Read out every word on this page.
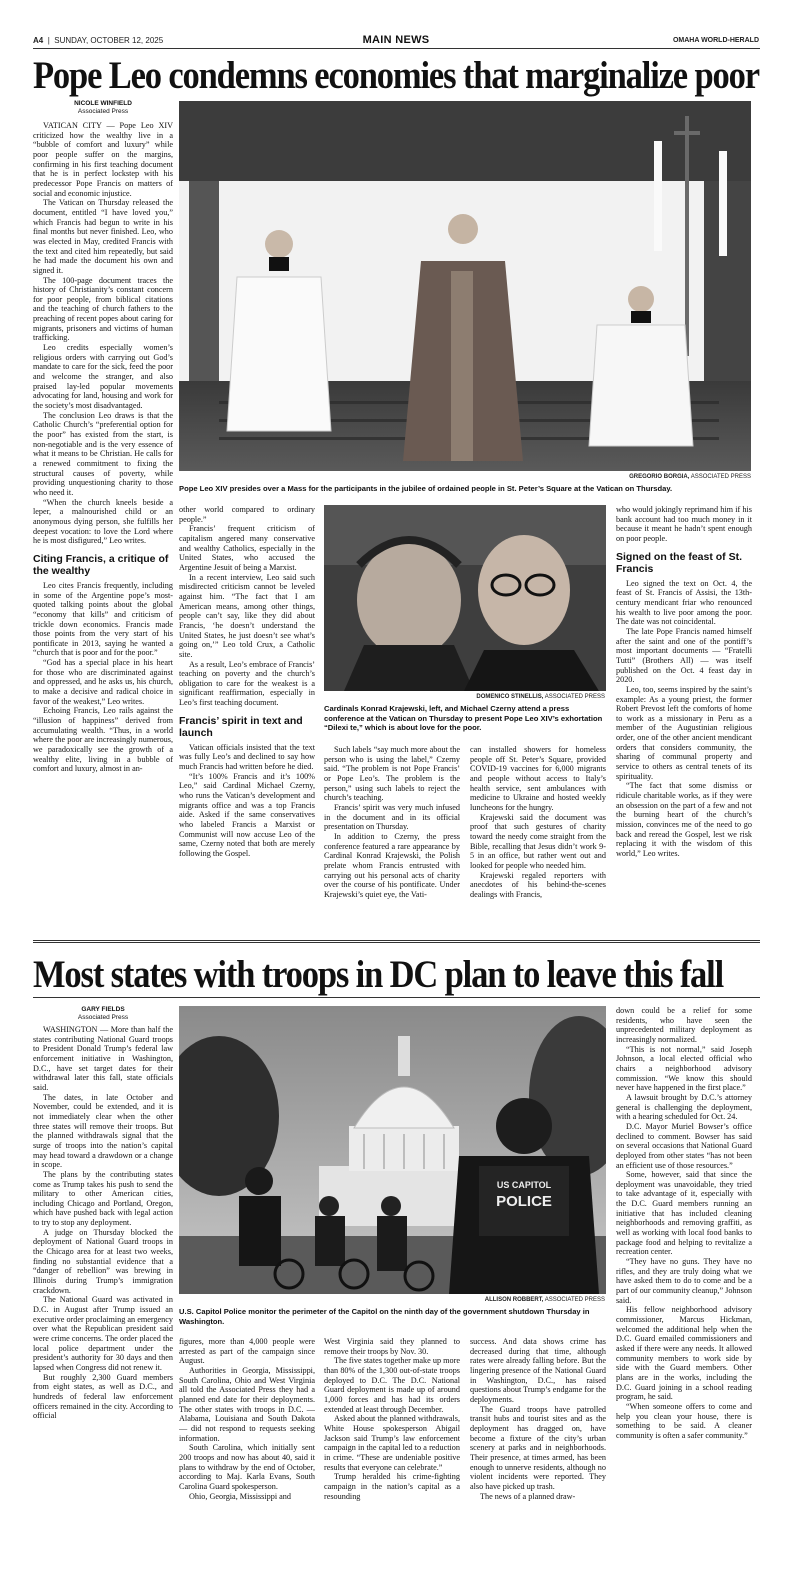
A4  |  SUNDAY, OCTOBER 12, 2025	MAIN NEWS	OMAHA WORLD-HERALD
Pope Leo condemns economies that marginalize poor
NICOLE WINFIELD
Associated Press

VATICAN CITY — Pope Leo XIV criticized how the wealthy live in a “bubble of comfort and luxury” while poor people suffer on the margins, confirming in his first teaching document that he is in perfect lockstep with his predecessor Pope Francis on matters of social and economic injustice.

The Vatican on Thursday released the document, entitled “I have loved you,” which Francis had begun to write in his final months but never finished. Leo, who was elected in May, credited Francis with the text and cited him repeatedly, but said he had made the document his own and signed it.

The 100-page document traces the history of Christianity’s constant concern for poor people, from biblical citations and the teaching of church fathers to the preaching of recent popes about caring for migrants, prisoners and victims of human trafficking.

Leo credits especially women’s religious orders with carrying out God’s mandate to care for the sick, feed the poor and welcome the stranger, and also praised lay-led popular movements advocating for land, housing and work for the society’s most disadvantaged.

The conclusion Leo draws is that the Catholic Church’s “preferential option for the poor” has existed from the start, is non-negotiable and is the very essence of what it means to be Christian. He calls for a renewed commitment to fixing the structural causes of poverty, while providing unquestioning charity to those who need it.

“When the church kneels beside a leper, a malnourished child or an anonymous dying person, she fulfills her deepest vocation: to love the Lord where he is most disfigured,” Leo writes.

Citing Francis, a critique of the wealthy

Leo cites Francis frequently, including in some of the Argentine pope’s most-quoted talking points about the global “economy that kills” and criticism of trickle down economics. Francis made those points from the very start of his pontificate in 2013, saying he wanted a “church that is poor and for the poor.”

“God has a special place in his heart for those who are discriminated against and oppressed, and he asks us, his church, to make a decisive and radical choice in favor of the weakest,” Leo writes.

Echoing Francis, Leo rails against the “illusion of happiness” derived from accumulating wealth. “Thus, in a world where the poor are increasingly numerous, we paradoxically see the growth of a wealthy elite, living in a bubble of comfort and luxury, almost in an-

GREGORIO BORGIA, ASSOCIATED PRESS
Pope Leo XIV presides over a Mass for the participants in the jubilee of ordained people in St. Peter’s Square at the Vatican on Thursday.

other world compared to ordinary people.”

Francis’ frequent criticism of capitalism angered many conservative and wealthy Catholics, especially in the United States, who accused the Argentine Jesuit of being a Marxist.

In a recent interview, Leo said such misdirected criticism cannot be leveled against him. “The fact that I am American means, among other things, people can’t say, like they did about Francis, ‘he doesn’t understand the United States, he just doesn’t see what’s going on,’” Leo told Crux, a Catholic site.

As a result, Leo’s embrace of Francis’ teaching on poverty and the church’s obligation to care for the weakest is a significant reaffirmation, especially in Leo’s first teaching document.

Francis’ spirit in text and launch

Vatican officials insisted that the text was fully Leo’s and declined to say how much Francis had written before he died.

“It’s 100% Francis and it’s 100% Leo,” said Cardinal Michael Czerny, who runs the Vatican’s development and migrants office and was a top Francis aide. Asked if the same conservatives who labeled Francis a Marxist or Communist will now accuse Leo of the same, Czerny noted that both are merely following the Gospel.

DOMENICO STINELLIS, ASSOCIATED PRESS
Cardinals Konrad Krajewski, left, and Michael Czerny attend a press conference at the Vatican on Thursday to present Pope Leo XIV’s exhortation “Dilexi te,” which is about love for the poor.

Such labels “say much more about the person who is using the label,” Czerny said. “The problem is not Pope Francis’ or Pope Leo’s. The problem is the person,” using such labels to reject the church’s teaching.

Francis’ spirit was very much infused in the document and in its official presentation on Thursday.

In addition to Czerny, the press conference featured a rare appearance by Cardinal Konrad Krajewski, the Polish prelate whom Francis entrusted with carrying out his personal acts of charity over the course of his pontificate. Under Krajewski’s quiet eye, the Vati-

can installed showers for homeless people off St. Peter’s Square, provided COVID-19 vaccines for 6,000 migrants and people without access to Italy’s health service, sent ambulances with medicine to Ukraine and hosted weekly luncheons for the hungry.

Krajewski said the document was proof that such gestures of charity toward the needy come straight from the Bible, recalling that Jesus didn’t work 9-5 in an office, but rather went out and looked for people who needed him.

Krajewski regaled reporters with anecdotes of his behind-the-scenes dealings with Francis,

who would jokingly reprimand him if his bank account had too much money in it because it meant he hadn’t spent enough on poor people.

Signed on the feast of St. Francis

Leo signed the text on Oct. 4, the feast of St. Francis of Assisi, the 13th-century mendicant friar who renounced his wealth to live poor among the poor. The date was not coincidental.

The late Pope Francis named himself after the saint and one of the pontiff’s most important documents — “Fratelli Tutti” (Brothers All) — was itself published on the Oct. 4 feast day in 2020.

Leo, too, seems inspired by the saint’s example: As a young priest, the former Robert Prevost left the comforts of home to work as a missionary in Peru as a member of the Augustinian religious order, one of the other ancient mendicant orders that considers community, the sharing of communal property and service to others as central tenets of its spirituality.

“The fact that some dismiss or ridicule charitable works, as if they were an obsession on the part of a few and not the burning heart of the church’s mission, convinces me of the need to go back and reread the Gospel, lest we risk replacing it with the wisdom of this world,” Leo writes.

Most states with troops in DC plan to leave this fall
GARY FIELDS
Associated Press

WASHINGTON — More than half the states contributing National Guard troops to President Donald Trump’s federal law enforcement initiative in Washington, D.C., have set target dates for their withdrawal later this fall, state officials said.

The dates, in late October and November, could be extended, and it is not immediately clear when the other three states will remove their troops. But the planned withdrawals signal that the surge of troops into the nation’s capital may head toward a drawdown or a change in scope.

The plans by the contributing states come as Trump takes his push to send the military to other American cities, including Chicago and Portland, Oregon, which have pushed back with legal action to try to stop any deployment.

A judge on Thursday blocked the deployment of National Guard troops in the Chicago area for at least two weeks, finding no substantial evidence that a “danger of rebellion” was brewing in Illinois during Trump’s immigration crackdown.

The National Guard was activated in D.C. in August after Trump issued an executive order proclaiming an emergency over what the Republican president said were crime concerns. The order placed the local police department under the president’s authority for 30 days and then lapsed when Congress did not renew it.

But roughly 2,300 Guard members from eight states, as well as D.C., and hundreds of federal law enforcement officers remained in the city. According to official

US CAPITOL
POLICE
ALLISON ROBBERT, ASSOCIATED PRESS
U.S. Capitol Police monitor the perimeter of the Capitol on the ninth day of the government shutdown Thursday in Washington.

figures, more than 4,000 people were arrested as part of the campaign since August.

Authorities in Georgia, Mississippi, South Carolina, Ohio and West Virginia all told the Associated Press they had a planned end date for their deployments. The other states with troops in D.C. — Alabama, Louisiana and South Dakota — did not respond to requests seeking information.

South Carolina, which initially sent 200 troops and now has about 40, said it plans to withdraw by the end of October, according to Maj. Karla Evans, South Carolina Guard spokesperson.

Ohio, Georgia, Mississippi and

West Virginia said they planned to remove their troops by Nov. 30.

The five states together make up more than 80% of the 1,300 out-of-state troops deployed to D.C. The D.C. National Guard deployment is made up of around 1,000 forces and has had its orders extended at least through December.

Asked about the planned withdrawals, White House spokesperson Abigail Jackson said Trump’s law enforcement campaign in the capital led to a reduction in crime. “These are undeniable positive results that everyone can celebrate.”

Trump heralded his crime-fighting campaign in the nation’s capital as a resounding

success. And data shows crime has decreased during that time, although rates were already falling before. But the lingering presence of the National Guard in Washington, D.C., has raised questions about Trump’s endgame for the deployments.

The Guard troops have patrolled transit hubs and tourist sites and as the deployment has dragged on, have become a fixture of the city’s urban scenery at parks and in neighborhoods. Their presence, at times armed, has been enough to unnerve residents, although no violent incidents were reported. They also have picked up trash.

The news of a planned draw-

down could be a relief for some residents, who have seen the unprecedented military deployment as increasingly normalized.

“This is not normal,” said Joseph Johnson, a local elected official who chairs a neighborhood advisory commission. “We know this should never have happened in the first place.”

A lawsuit brought by D.C.’s attorney general is challenging the deployment, with a hearing scheduled for Oct. 24.

D.C. Mayor Muriel Bowser’s office declined to comment. Bowser has said on several occasions that National Guard deployed from other states “has not been an efficient use of those resources.”

Some, however, said that since the deployment was unavoidable, they tried to take advantage of it, especially with the D.C. Guard members running an initiative that has included cleaning neighborhoods and removing graffiti, as well as working with local food banks to package food and helping to revitalize a recreation center.

“They have no guns. They have no rifles, and they are truly doing what we have asked them to do to come and be a part of our community cleanup,” Johnson said.

His fellow neighborhood advisory commissioner, Marcus Hickman, welcomed the additional help when the D.C. Guard emailed commissioners and asked if there were any needs. It allowed community members to work side by side with the Guard members. Other plans are in the works, including the D.C. Guard joining in a school reading program, he said.

“When someone offers to come and help you clean your house, there is something to be said. A cleaner community is often a safer community.”
